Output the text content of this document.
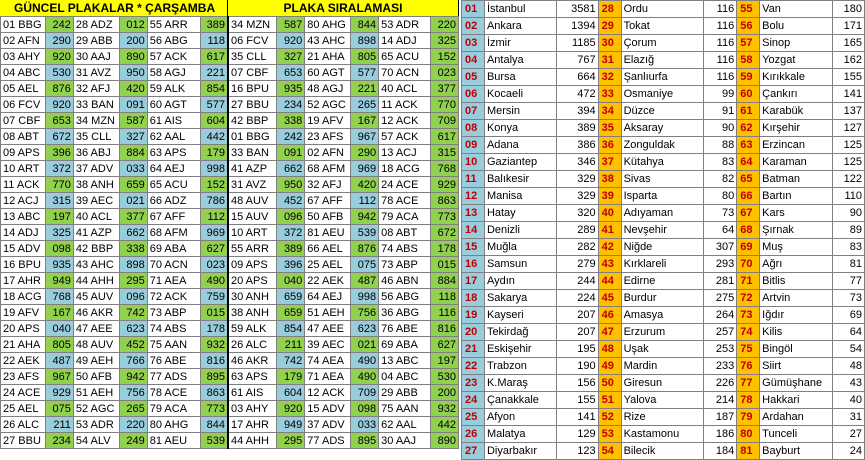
GÜNCEL PLAKALAR * ÇARŞAMBA	PLAKA SIRALAMASI
01 BBG	242	28 ADZ	012	55 ARR	389	34 MZN	587	80 AHG	844	53 ADR	220
02 AFN	290	29 ABB	200	56 ABG	118	06 FCV	920	43 AHC	898	14 ADJ	325
03 AHY	920	30 AAJ	890	57 ACK	617	35 CLL	327	21 AHA	805	65 ACU	152
04 ABC	530	31 AVZ	950	58 AGJ	221	07 CBF	653	60 AGT	577	70 ACN	023
05 AEL	876	32 AFJ	420	59 ALK	854	16 BPU	935	48 AGJ	221	40 ACL	377
06 FCV	920	33 BAN	091	60 AGT	577	27 BBU	234	52 AGC	265	11 ACK	770
07 CBF	653	34 MZN	587	61 AIS	604	42 BBP	338	19 AFV	167	12 ACK	709
08 ABT	672	35 CLL	327	62 AAL	442	01 BBG	242	23 AFS	967	57 ACK	617
09 APS	396	36 ABJ	884	63 APS	179	33 BAN	091	02 AFN	290	13 ACJ	315
10 ART	372	37 ADV	033	64 AEJ	998	41 AZP	662	68 AFM	969	18 ACG	768
11 ACK	770	38 ANH	659	65 ACU	152	31 AVZ	950	32 AFJ	420	24 ACE	929
12 ACJ	315	39 AEC	021	66 ADZ	786	48 AUV	452	67 AFF	112	78 ACE	863
13 ABC	197	40 ACL	377	67 AFF	112	15 AUV	096	50 AFB	942	79 ACA	773
14 ADJ	325	41 AZP	662	68 AFM	969	10 ART	372	81 AEU	539	08 ABT	672
15 ADV	098	42 BBP	338	69 ABA	627	55 ARR	389	66 AEL	876	74 ABS	178
16 BPU	935	43 AHC	898	70 ACN	023	09 APS	396	25 AEL	075	73 ABP	015
17 AHR	949	44 AHH	295	71 AEA	490	20 APS	040	22 AEK	487	46 ABN	884
18 ACG	768	45 AUV	096	72 ACK	759	30 ANH	659	64 AEJ	998	56 ABG	118
19 AFV	167	46 AKR	742	73 ABP	015	38 ANH	659	51 AEH	756	36 ABG	116
20 APS	040	47 AEE	623	74 ABS	178	59 ALK	854	47 AEE	623	76 ABE	816
21 AHA	805	48 AUV	452	75 AAN	932	26 ALC	211	39 AEC	021	69 ABA	627
22 AEK	487	49 AEH	766	76 ABE	816	46 AKR	742	74 AEA	490	13 ABC	197
23 AFS	967	50 AFB	942	77 ADS	895	63 APS	179	71 AEA	490	04 ABC	530
24 ACE	929	51 AEH	756	78 ACE	863	61 AIS	604	12 ACK	709	29 ABB	200
25 AEL	075	52 AGC	265	79 ACA	773	03 AHY	920	15 ADV	098	75 AAN	932
26 ALC	211	53 ADR	220	80 AHG	844	17 AHR	949	37 ADV	033	62 AAL	442
27 BBU	234	54 ALV	249	81 AEU	539	44 AHH	295	77 ADS	895	30 AAJ	890
01	İstanbul	3581	28	Ordu	116	55	Van	180
02	Ankara	1394	29	Tokat	116	56	Bolu	171
03	İzmir	1185	30	Çorum	116	57	Sinop	165
04	Antalya	767	31	Elazığ	116	58	Yozgat	162
05	Bursa	664	32	Şanlıurfa	116	59	Kırıkkale	155
06	Kocaeli	472	33	Osmaniye	99	60	Çankırı	141
07	Mersin	394	34	Düzce	91	61	Karabük	137
08	Konya	389	35	Aksaray	90	62	Kırşehir	127
09	Adana	386	36	Zonguldak	88	63	Erzincan	125
10	Gaziantep	346	37	Kütahya	83	64	Karaman	125
11	Balıkesir	329	38	Sivas	82	65	Batman	122
12	Manisa	329	39	Isparta	80	66	Bartın	110
13	Hatay	320	40	Adıyaman	73	67	Kars	90
14	Denizli	289	41	Nevşehir	64	68	Şırnak	89
15	Muğla	282	42	Niğde	307	69	Muş	83
16	Samsun	279	43	Kırklareli	293	70	Ağrı	81
17	Aydın	244	44	Edirne	281	71	Bitlis	77
18	Sakarya	224	45	Burdur	275	72	Artvin	73
19	Kayseri	207	46	Amasya	264	73	Iğdır	69
20	Tekirdağ	207	47	Erzurum	257	74	Kilis	64
21	Eskişehir	195	48	Uşak	253	75	Bingöl	54
22	Trabzon	190	49	Mardin	233	76	Siirt	48
23	K.Maraş	156	50	Giresun	226	77	Gümüşhane	43
24	Çanakkale	155	51	Yalova	214	78	Hakkari	40
25	Afyon	141	52	Rize	187	79	Ardahan	31
26	Malatya	129	53	Kastamonu	186	80	Tunceli	27
27	Diyarbakır	123	54	Bilecik	184	81	Bayburt	24
